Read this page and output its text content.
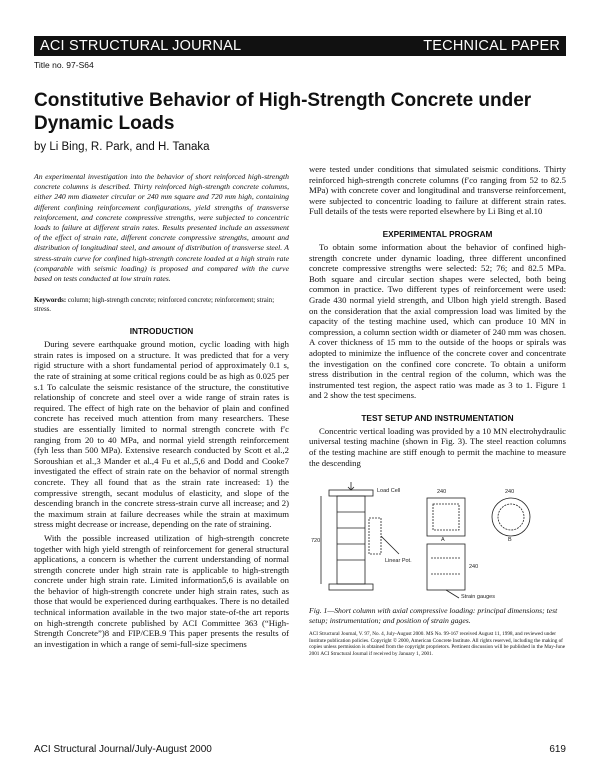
ACI STRUCTURAL JOURNAL	TECHNICAL PAPER
Title no. 97-S64
Constitutive Behavior of High-Strength Concrete under Dynamic Loads
by Li Bing, R. Park, and H. Tanaka

An experimental investigation into the behavior of short reinforced high-strength concrete columns is described. Thirty reinforced high-strength concrete columns, either 240 mm diameter circular or 240 mm square and 720 mm high, containing different confining reinforcement configurations, yield strengths of transverse reinforcement, and concrete compressive strengths, were subjected to concentric loads to failure at different strain rates. Results presented include an assessment of the effect of strain rate, different concrete compressive strengths, amount and distribution of longitudinal steel, and amount of distribution of transverse steel. A stress-strain curve for confined high-strength concrete loaded at a high strain rate (comparable with seismic loading) is proposed and compared with the curve based on tests conducted at low strain rates.

Keywords: column; high-strength concrete; reinforced concrete; reinforcement; strain; stress.

INTRODUCTION

During severe earthquake ground motion, cyclic loading with high strain rates is imposed on a structure. It was predicted that for a very rigid structure with a short fundamental period of approximately 0.1 s, the rate of straining at some critical regions could be as high as 0.025 per s.1 To calculate the seismic resistance of the structure, the constitutive relationship of concrete and steel over a wide range of strain rates is required. The effect of high rate on the behavior of plain and confined concrete has received much attention from many researchers. These studies are essentially limited to normal strength concrete with f′c ranging from 20 to 40 MPa, and normal yield strength reinforcement (fyh less than 500 MPa). Extensive research conducted by Scott et al.,2 Soroushian et al.,3 Mander et al.,4 Fu et al.,5,6 and Dodd and Cooke7 investigated the effect of strain rate on the behavior of normal strength concrete. They all found that as the strain rate increased: 1) the compressive strength, secant modulus of elasticity, and slope of the descending branch in the concrete stress-strain curve all increase; and 2) the maximum strain at failure decreases while the strain at maximum stress might decrease or increase, depending on the rate of straining.

With the possible increased utilization of high-strength concrete together with high yield strength of reinforcement for general structural applications, a concern is whether the current understanding of normal strength concrete under high strain rate is applicable to high-strength concrete under high strain rate. Limited information5,6 is available on the behavior of high-strength concrete under high strain rates, such as those that would be experienced during earthquakes. There is no detailed technical information available in the two major state-of-the art reports on high-strength concrete published by ACI Committee 363 (“High-Strength Concrete”)8 and FIP/CEB.9 This paper presents the results of an investigation in which a range of semi-full-size specimens

were tested under conditions that simulated seismic conditions. Thirty reinforced high-strength concrete columns (f′co ranging from 52 to 82.5 MPa) with concrete cover and longitudinal and transverse reinforcement, were subjected to concentric loading to failure at different strain rates. Full details of the tests were reported elsewhere by Li Bing et al.10

EXPERIMENTAL PROGRAM

To obtain some information about the behavior of confined high-strength concrete under dynamic loading, three different unconfined concrete compressive strengths were selected: 52; 76; and 82.5 MPa. Both square and circular section shapes were selected, both being common in practice. Two different types of reinforcement were used: Grade 430 normal yield strength, and Ulbon high yield strength. Based on the consideration that the axial compression load was limited by the capacity of the testing machine used, which can produce 10 MN in compression, a column section width or diameter of 240 mm was chosen. A cover thickness of 15 mm to the outside of the hoops or spirals was adopted to minimize the influence of the concrete cover and concentrate the investigation on the confined core concrete. To obtain a uniform stress distribution in the central region of the column, which was the instrumented test region, the aspect ratio was made as 3 to 1. Figure 1 and 2 show the test specimens.

TEST SETUP AND INSTRUMENTATION

Concentric vertical loading was provided by a 10 MN electrohydraulic universal testing machine (shown in Fig. 3). The steel reaction columns of the testing machine are stiff enough to permit the machine to measure the descending

Load Cell	240	240
A	B
720
Linear Pot.
Strain gauges
240

Fig. 1—Short column with axial compressive loading: principal dimensions; test setup; instrumentation; and position of strain gages.

ACI Structural Journal, V. 97, No. 4, July-August 2000. MS No. 99-167 received August 11, 1998, and reviewed under Institute publication policies. Copyright © 2000, American Concrete Institute. All rights reserved, including the making of copies unless permission is obtained from the copyright proprietors. Pertinent discussion will be published in the May-June 2001 ACI Structural Journal if received by January 1, 2001.

ACI Structural Journal/July-August 2000	619
